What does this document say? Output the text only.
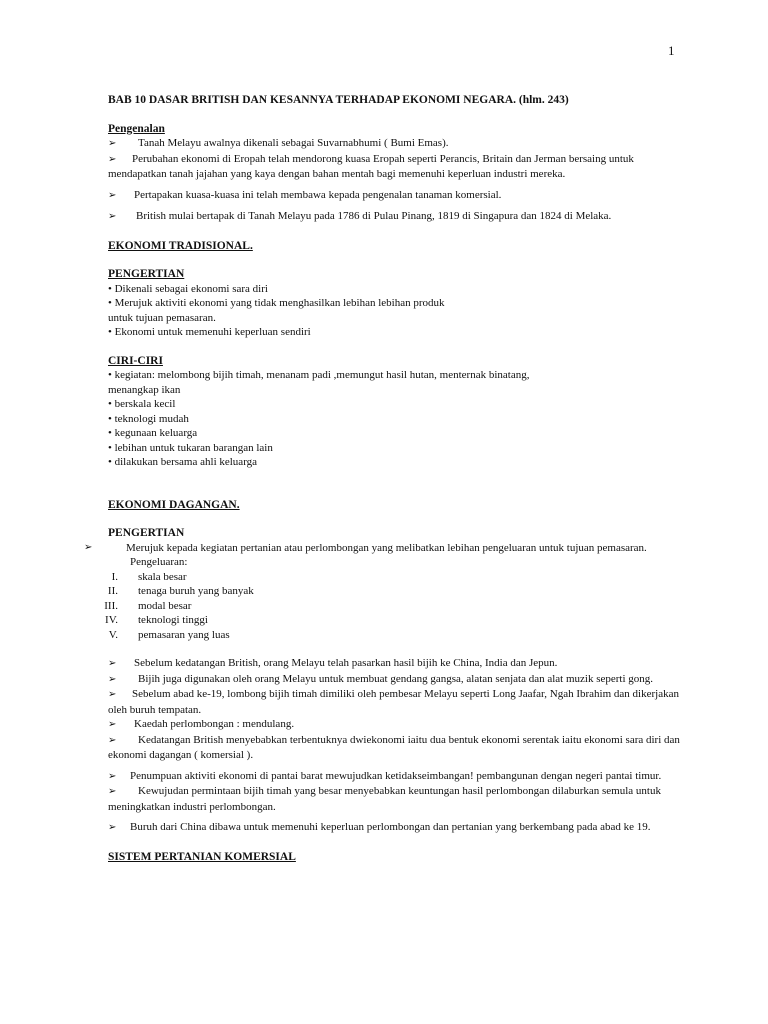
1

BAB 10 DASAR BRITISH DAN KESANNYA TERHADAP EKONOMI NEGARA. (hlm. 243)

Pengenalan

➢ Tanah Melayu awalnya dikenali sebagai Suvarnabhumi ( Bumi Emas).

➢ Perubahan ekonomi di Eropah telah mendorong kuasa Eropah seperti Perancis, Britain dan Jerman bersaing untuk mendapatkan tanah jajahan yang kaya dengan bahan mentah bagi memenuhi keperluan industri mereka.

➢ Pertapakan kuasa-kuasa ini telah membawa kepada pengenalan tanaman komersial.

➢ British mulai bertapak di Tanah Melayu pada 1786 di Pulau Pinang, 1819 di Singapura dan 1824 di Melaka.

EKONOMI TRADISIONAL.

PENGERTIAN

• Dikenali sebagai ekonomi sara diri

• Merujuk aktiviti ekonomi yang tidak menghasilkan lebihan lebihan produk

untuk tujuan pemasaran.

• Ekonomi untuk memenuhi keperluan sendiri

CIRI-CIRI

• kegiatan: melombong bijih timah, menanam padi ,memungut hasil hutan, menternak binatang,

menangkap ikan

• berskala kecil

• teknologi mudah

• kegunaan keluarga

• lebihan untuk tukaran barangan lain

• dilakukan bersama ahli keluarga

EKONOMI DAGANGAN.

PENGERTIAN

➢	Merujuk kepada kegiatan pertanian atau perlombongan yang melibatkan lebihan pengeluaran untuk tujuan pemasaran.

Pengeluaran:

I. skala besar
II. tenaga buruh yang banyak
III. modal besar
IV. teknologi tinggi
V. pemasaran yang luas

➢ Sebelum kedatangan British, orang Melayu telah pasarkan hasil bijih ke China, India dan Jepun.

➢ Bijih juga digunakan oleh orang Melayu untuk membuat gendang gangsa, alatan senjata dan alat muzik seperti gong.

➢ Sebelum abad ke-19, lombong bijih timah dimiliki oleh pembesar Melayu seperti Long Jaafar, Ngah Ibrahim dan dikerjakan oleh buruh tempatan.

➢ Kaedah perlombongan : mendulang.

➢ Kedatangan British menyebabkan terbentuknya dwiekonomi iaitu dua bentuk ekonomi serentak iaitu ekonomi sara diri dan ekonomi dagangan ( komersial ).

➢ Penumpuan aktiviti ekonomi di pantai barat mewujudkan ketidakseimbangan! pembangunan dengan negeri pantai timur.

➢ Kewujudan permintaan bijih timah yang besar menyebabkan keuntungan hasil perlombongan dilaburkan semula untuk meningkatkan industri perlombongan.

➢ Buruh dari China dibawa untuk memenuhi keperluan perlombongan dan pertanian yang berkembang pada abad ke 19.

SISTEM PERTANIAN KOMERSIAL
